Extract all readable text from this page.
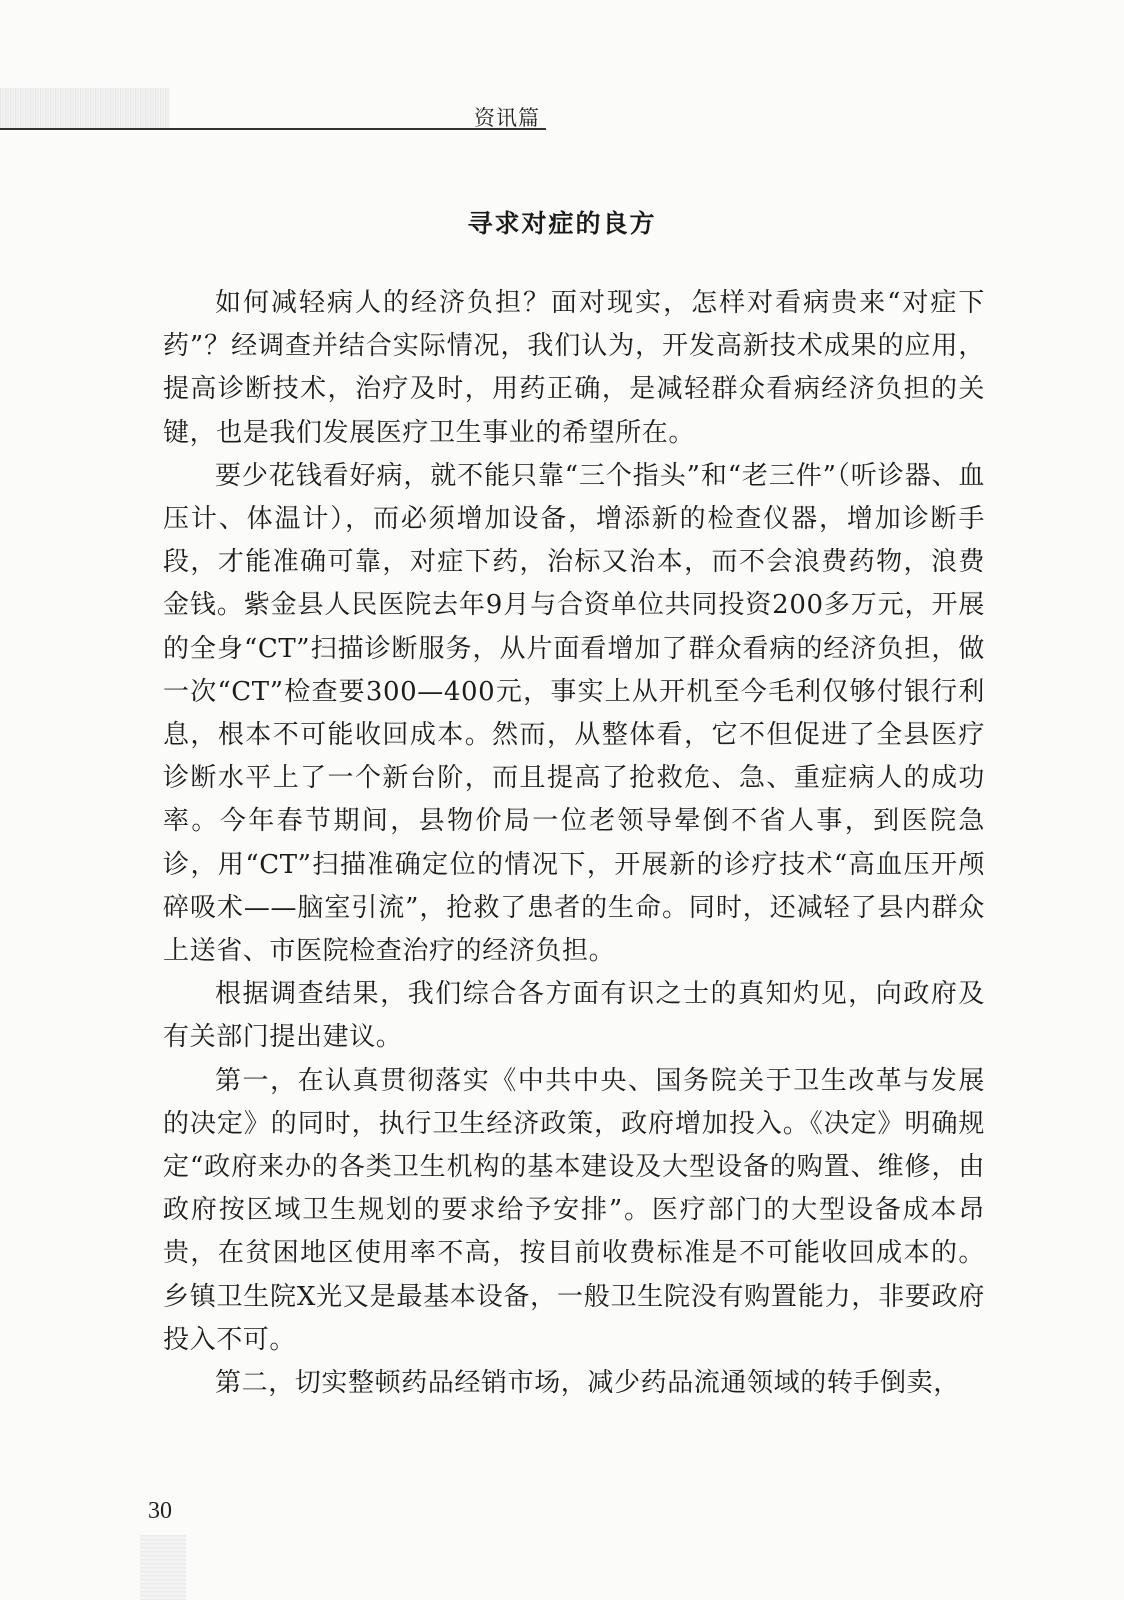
资讯篇
寻求对症的良方

如何减轻病人的经济负担？面对现实，怎样对看病贵来“对症下药”？经调查并结合实际情况，我们认为，开发高新技术成果的应用，提高诊断技术，治疗及时，用药正确，是减轻群众看病经济负担的关键，也是我们发展医疗卫生事业的希望所在。

要少花钱看好病，就不能只靠“三个指头”和“老三件”（听诊器、血压计、体温计），而必须增加设备，增添新的检查仪器，增加诊断手段，才能准确可靠，对症下药，治标又治本，而不会浪费药物，浪费金钱。紫金县人民医院去年9月与合资单位共同投资200多万元，开展的全身“CT”扫描诊断服务，从片面看增加了群众看病的经济负担，做一次“CT”检查要300—400元，事实上从开机至今毛利仅够付银行利息，根本不可能收回成本。然而，从整体看，它不但促进了全县医疗诊断水平上了一个新台阶，而且提高了抢救危、急、重症病人的成功率。今年春节期间，县物价局一位老领导晕倒不省人事，到医院急诊，用“CT”扫描准确定位的情况下，开展新的诊疗技术“高血压开颅碎吸术——脑室引流”，抢救了患者的生命。同时，还减轻了县内群众上送省、市医院检查治疗的经济负担。

根据调查结果，我们综合各方面有识之士的真知灼见，向政府及有关部门提出建议。

第一，在认真贯彻落实《中共中央、国务院关于卫生改革与发展的决定》的同时，执行卫生经济政策，政府增加投入。《决定》明确规定“政府来办的各类卫生机构的基本建设及大型设备的购置、维修，由政府按区域卫生规划的要求给予安排”。医疗部门的大型设备成本昂贵，在贫困地区使用率不高，按目前收费标准是不可能收回成本的。乡镇卫生院X光又是最基本设备，一般卫生院没有购置能力，非要政府投入不可。

第二，切实整顿药品经销市场，减少药品流通领域的转手倒卖，

30
